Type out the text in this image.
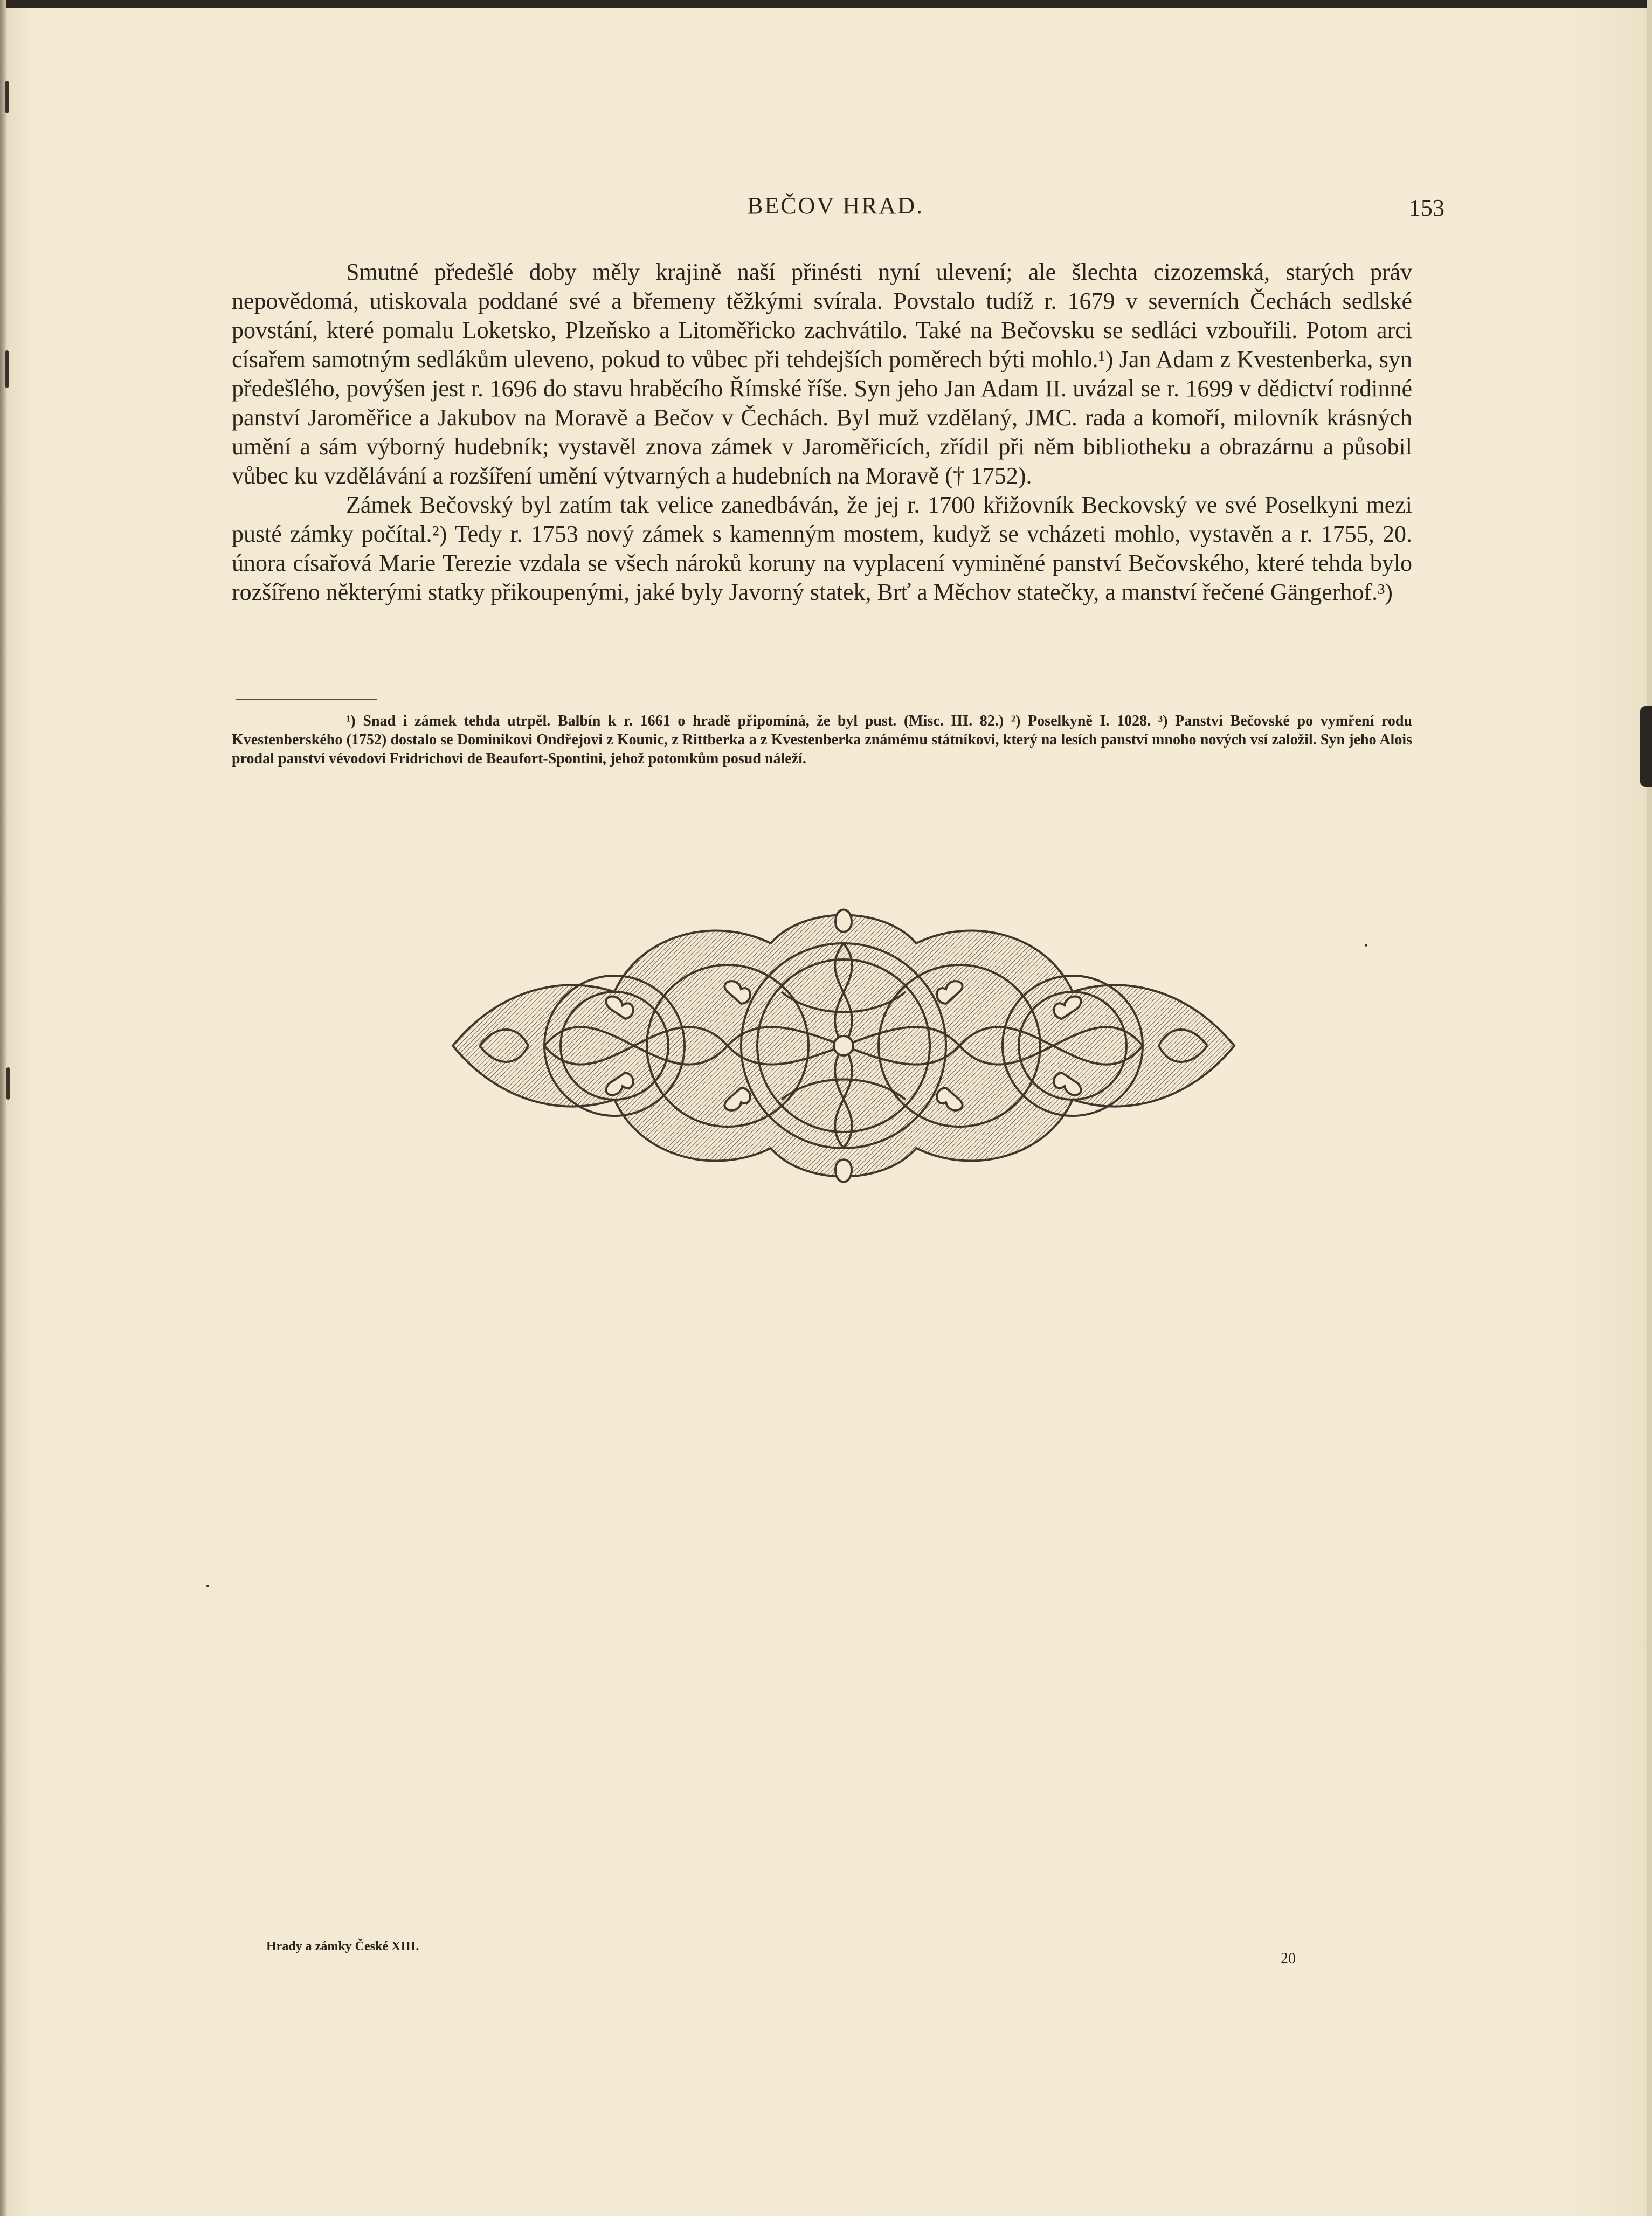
BEČOV HRAD.	153

Smutné předešlé doby měly krajině naší přinésti nyní ulevení; ale šlechta cizozemská, starých práv nepovědomá, utiskovala poddané své a břemeny těžkými svírala. Povstalo tudíž r. 1679 v severních Čechách sedlské povstání, které pomalu Loketsko, Plzeňsko a Litoměřicko zachvátilo. Také na Bečovsku se sedláci vzbouřili. Potom arci císařem samotným sedlákům uleveno, pokud to vůbec při tehdejších poměrech býti mohlo.¹) Jan Adam z Kvestenberka, syn předešlého, povýšen jest r. 1696 do stavu hraběcího Římské říše. Syn jeho Jan Adam II. uvázal se r. 1699 v dědictví rodinné panství Jaroměřice a Jakubov na Moravě a Bečov v Čechách. Byl muž vzdělaný, JMC. rada a komoří, milovník krásných umění a sám výborný hudebník; vystavěl znova zámek v Jaroměřicích, zřídil při něm bibliotheku a obrazárnu a působil vůbec ku vzdělávání a rozšíření umění výtvarných a hudebních na Moravě († 1752).

Zámek Bečovský byl zatím tak velice zanedbáván, že jej r. 1700 křižovník Beckovský ve své Poselkyni mezi pusté zámky počítal.²) Tedy r. 1753 nový zámek s kamenným mostem, kudyž se vcházeti mohlo, vystavěn a r. 1755, 20. února císařová Marie Terezie vzdala se všech nároků koruny na vyplacení vyminěné panství Bečovského, které tehda bylo rozšířeno některými statky přikoupenými, jaké byly Javorný statek, Brť a Měchov statečky, a manství řečené Gängerhof.³)

¹) Snad i zámek tehda utrpěl. Balbín k r. 1661 o hradě připomíná, že byl pust. (Misc. III. 82.) ²) Poselkyně I. 1028. ³) Panství Bečovské po vymření rodu Kvestenberského (1752) dostalo se Dominikovi Ondřejovi z Kounic, z Rittberka a z Kvestenberka známému státníkovi, který na lesích panství mnoho nových vsí založil. Syn jeho Alois prodal panství vévodovi Fridrichovi de Beaufort-Spontini, jehož potomkům posud náleží.

Hrady a zámky České XIII.
20
